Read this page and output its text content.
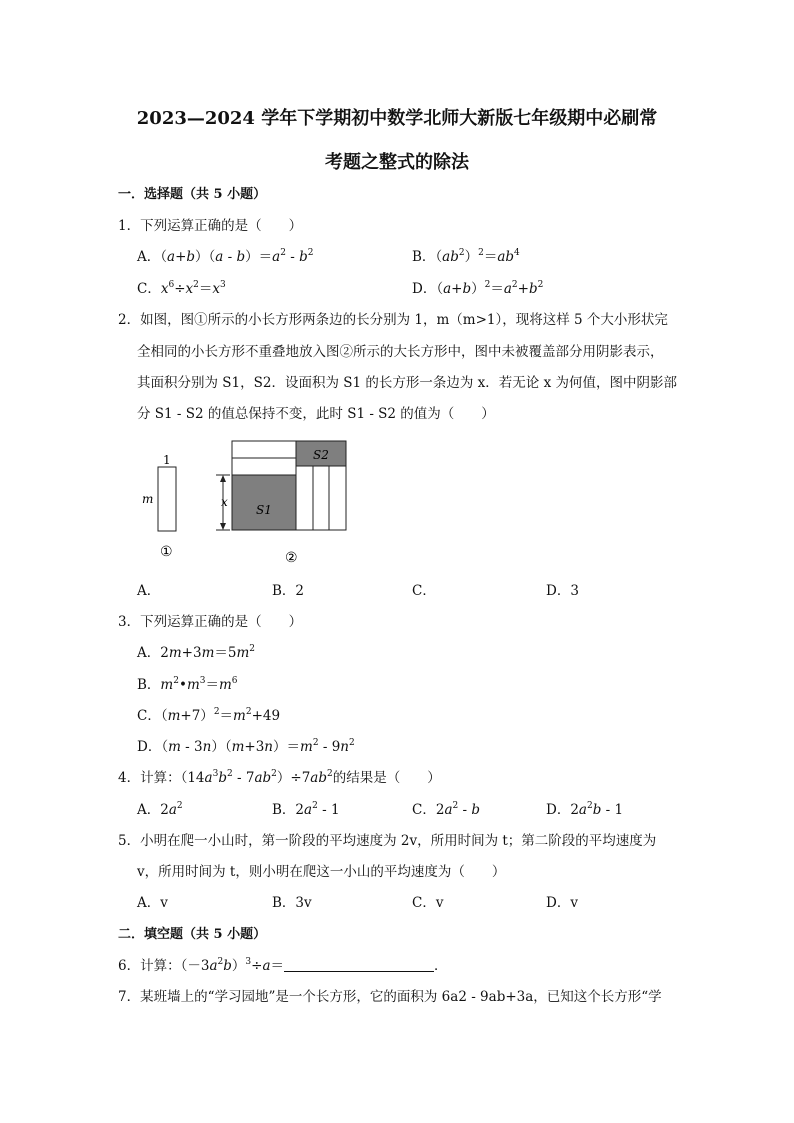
2023—2024 学年下学期初中数学北师大新版七年级期中必刷常
考题之整式的除法
一．选择题（共 5 小题）
1．下列运算正确的是（　　）
A．$(a+b)(a - b)=a^2 - b^2$	B．$(ab^2)^2=ab^4$
C．$x^6\div x^2=x^3$	D．$(a+b)^2=a^2+b^2$
2．如图，图①所示的小长方形两条边的长分别为 1，m（m>1），现将这样 5 个大小形状完
全相同的小长方形不重叠地放入图②所示的大长方形中，图中未被覆盖部分用阴影表示，
其面积分别为 S1，S2．设面积为 S1 的长方形一条边为 x．若无论 x 为何值，图中阴影部
分 S1 - S2 的值总保持不变，此时 S1 - S2 的值为（　　）
1
m
①
x
S1
S2
②
A．	B．2	C．	D．3
3．下列运算正确的是（　　）
A．$2m+3m=5m^2$
B．$m^2•m^3=m^6$
C．$(m+7)^2=m^2+49$
D．$(m - 3n)(m+3n)=m^2 - 9n^2$
4．计算：$(14a^3b^2 - 7ab^2)\div 7ab^2$的结果是（　　）
A．$2a^2$	B．$2a^2 - 1$	C．$2a^2$ - b	D．$2a^2b - 1$
5．小明在爬一小山时，第一阶段的平均速度为 2v，所用时间为 t；第二阶段的平均速度为
v，所用时间为 t，则小明在爬这一小山的平均速度为（　　）
A．v	B．3v	C．v	D．v
二．填空题（共 5 小题）
6．计算：$(-3a^2b)^3\div a=$	．
7．某班墙上的“学习园地”是一个长方形，它的面积为 6a2 - 9ab+3a，已知这个长方形“学
